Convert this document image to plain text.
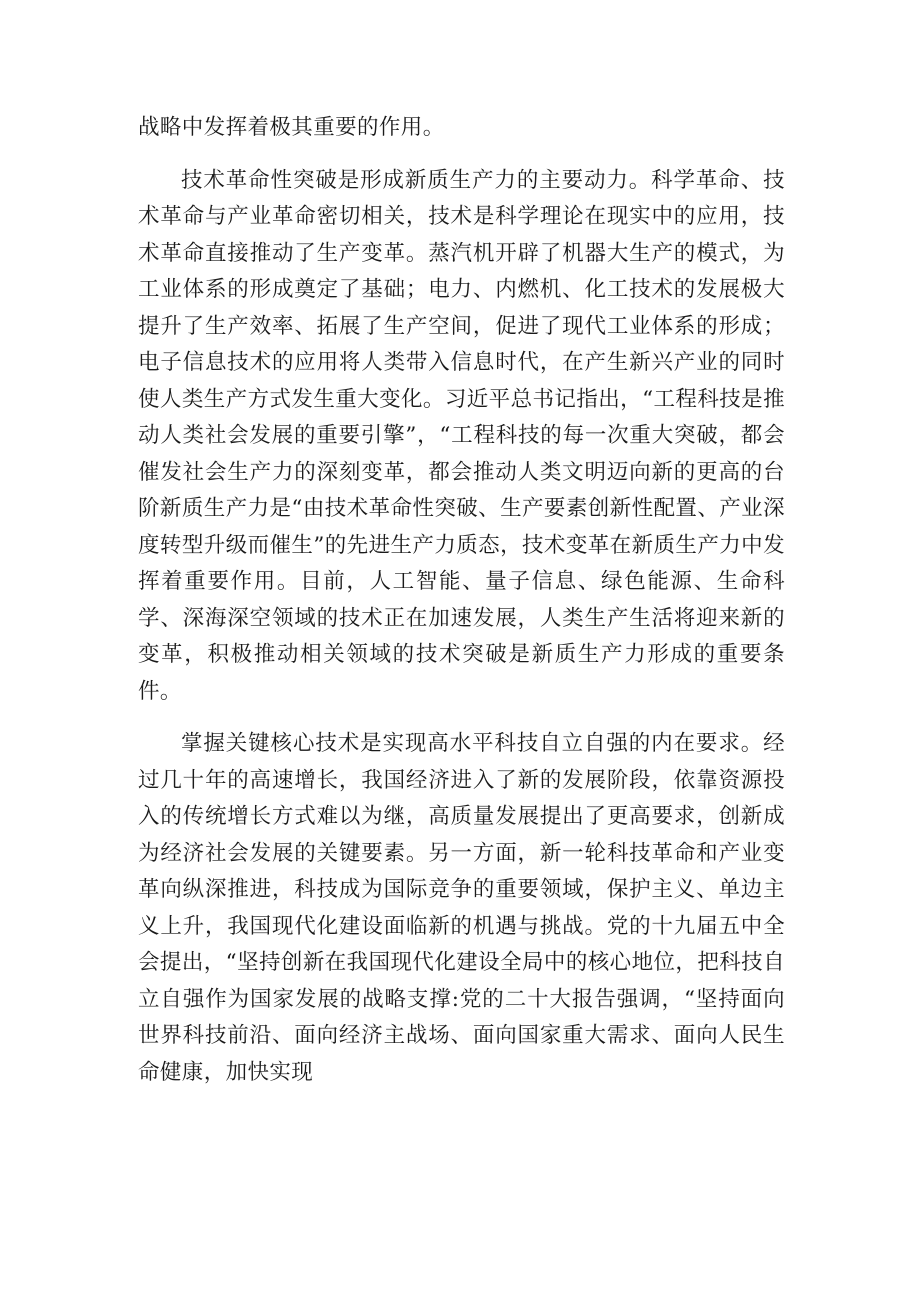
战略中发挥着极其重要的作用。

技术革命性突破是形成新质生产力的主要动力。科学革命、技术革命与产业革命密切相关，技术是科学理论在现实中的应用，技术革命直接推动了生产变革。蒸汽机开辟了机器大生产的模式，为工业体系的形成奠定了基础；电力、内燃机、化工技术的发展极大提升了生产效率、拓展了生产空间，促进了现代工业体系的形成；电子信息技术的应用将人类带入信息时代，在产生新兴产业的同时使人类生产方式发生重大变化。习近平总书记指出，“工程科技是推动人类社会发展的重要引擎”，“工程科技的每一次重大突破，都会催发社会生产力的深刻变革，都会推动人类文明迈向新的更高的台阶新质生产力是“由技术革命性突破、生产要素创新性配置、产业深度转型升级而催生”的先进生产力质态，技术变革在新质生产力中发挥着重要作用。目前，人工智能、量子信息、绿色能源、生命科学、深海深空领域的技术正在加速发展，人类生产生活将迎来新的变革，积极推动相关领域的技术突破是新质生产力形成的重要条件。

掌握关键核心技术是实现高水平科技自立自强的内在要求。经过几十年的高速增长，我国经济进入了新的发展阶段，依靠资源投入的传统增长方式难以为继，高质量发展提出了更高要求，创新成为经济社会发展的关键要素。另一方面，新一轮科技革命和产业变革向纵深推进，科技成为国际竞争的重要领域，保护主义、单边主义上升，我国现代化建设面临新的机遇与挑战。党的十九届五中全会提出，“坚持创新在我国现代化建设全局中的核心地位，把科技自立自强作为国家发展的战略支撑:党的二十大报告强调，“坚持面向世界科技前沿、面向经济主战场、面向国家重大需求、面向人民生命健康，加快实现
